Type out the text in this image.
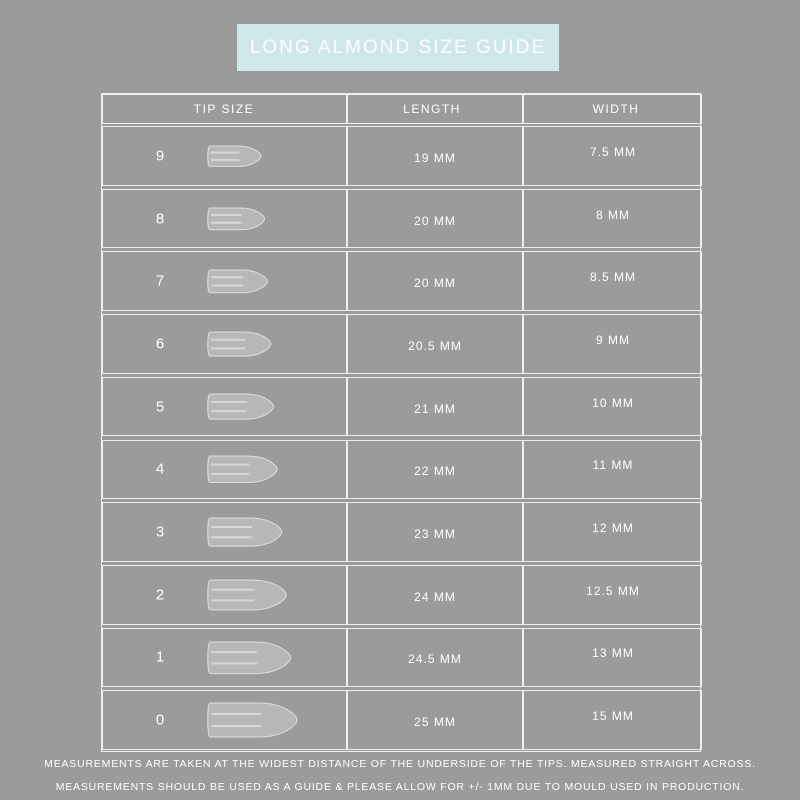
LONG ALMOND SIZE GUIDE
TIP SIZE	LENGTH	WIDTH
9	19 MM	7.5 MM
8	20 MM	8 MM
7	20 MM	8.5 MM
6	20.5 MM	9 MM
5	21 MM	10 MM
4	22 MM	11 MM
3	23 MM	12 MM
2	24 MM	12.5 MM
1	24.5 MM	13 MM
0	25 MM	15 MM
MEASUREMENTS ARE TAKEN AT THE WIDEST DISTANCE OF THE UNDERSIDE OF THE TIPS. MEASURED STRAIGHT ACROSS.
MEASUREMENTS SHOULD BE USED AS A GUIDE & PLEASE ALLOW FOR +/- 1MM DUE TO MOULD USED IN PRODUCTION.
